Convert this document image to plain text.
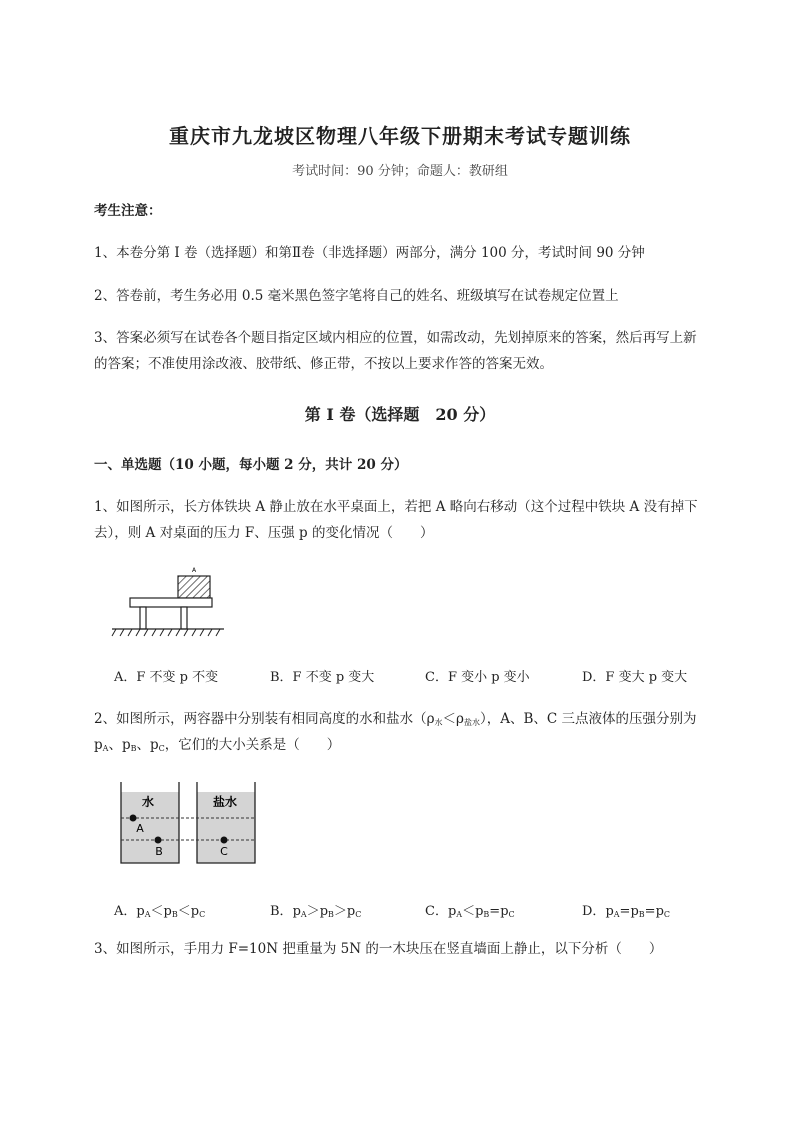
重庆市九龙坡区物理八年级下册期末考试专题训练
考试时间：90 分钟；命题人：教研组
考生注意：
1、本卷分第 I 卷（选择题）和第Ⅱ卷（非选择题）两部分，满分 100 分，考试时间 90 分钟
2、答卷前，考生务必用 0.5 毫米黑色签字笔将自己的姓名、班级填写在试卷规定位置上
3、答案必须写在试卷各个题目指定区域内相应的位置，如需改动，先划掉原来的答案，然后再写上新
的答案；不准使用涂改液、胶带纸、修正带，不按以上要求作答的答案无效。
第 I 卷（选择题　20 分）
一、单选题（10 小题，每小题 2 分，共计 20 分）
1、如图所示，长方体铁块 A 静止放在水平桌面上，若把 A 略向右移动（这个过程中铁块 A 没有掉下
去），则 A 对桌面的压力 F、压强 p 的变化情况（　　）
A
A．F 不变 p 不变	B．F 不变 p 变大	C．F 变小 p 变小	D．F 变大 p 变大
2、如图所示，两容器中分别装有相同高度的水和盐水$(\rho_水<\rho_{盐水})$，A、B、C 三点液体的压强分别为
$p_A$、$p_B$、$p_C$，它们的大小关系是（　　）
水	盐水
A
B	C
A．$p_A<p_B<p_C$	B．$p_A>p_B>p_C$	C．$p_A<p_B=p_C$	D．$p_A=p_B=p_C$
3、如图所示，手用力 F=10N 把重量为 5N 的一木块压在竖直墙面上静止，以下分析（　　）
